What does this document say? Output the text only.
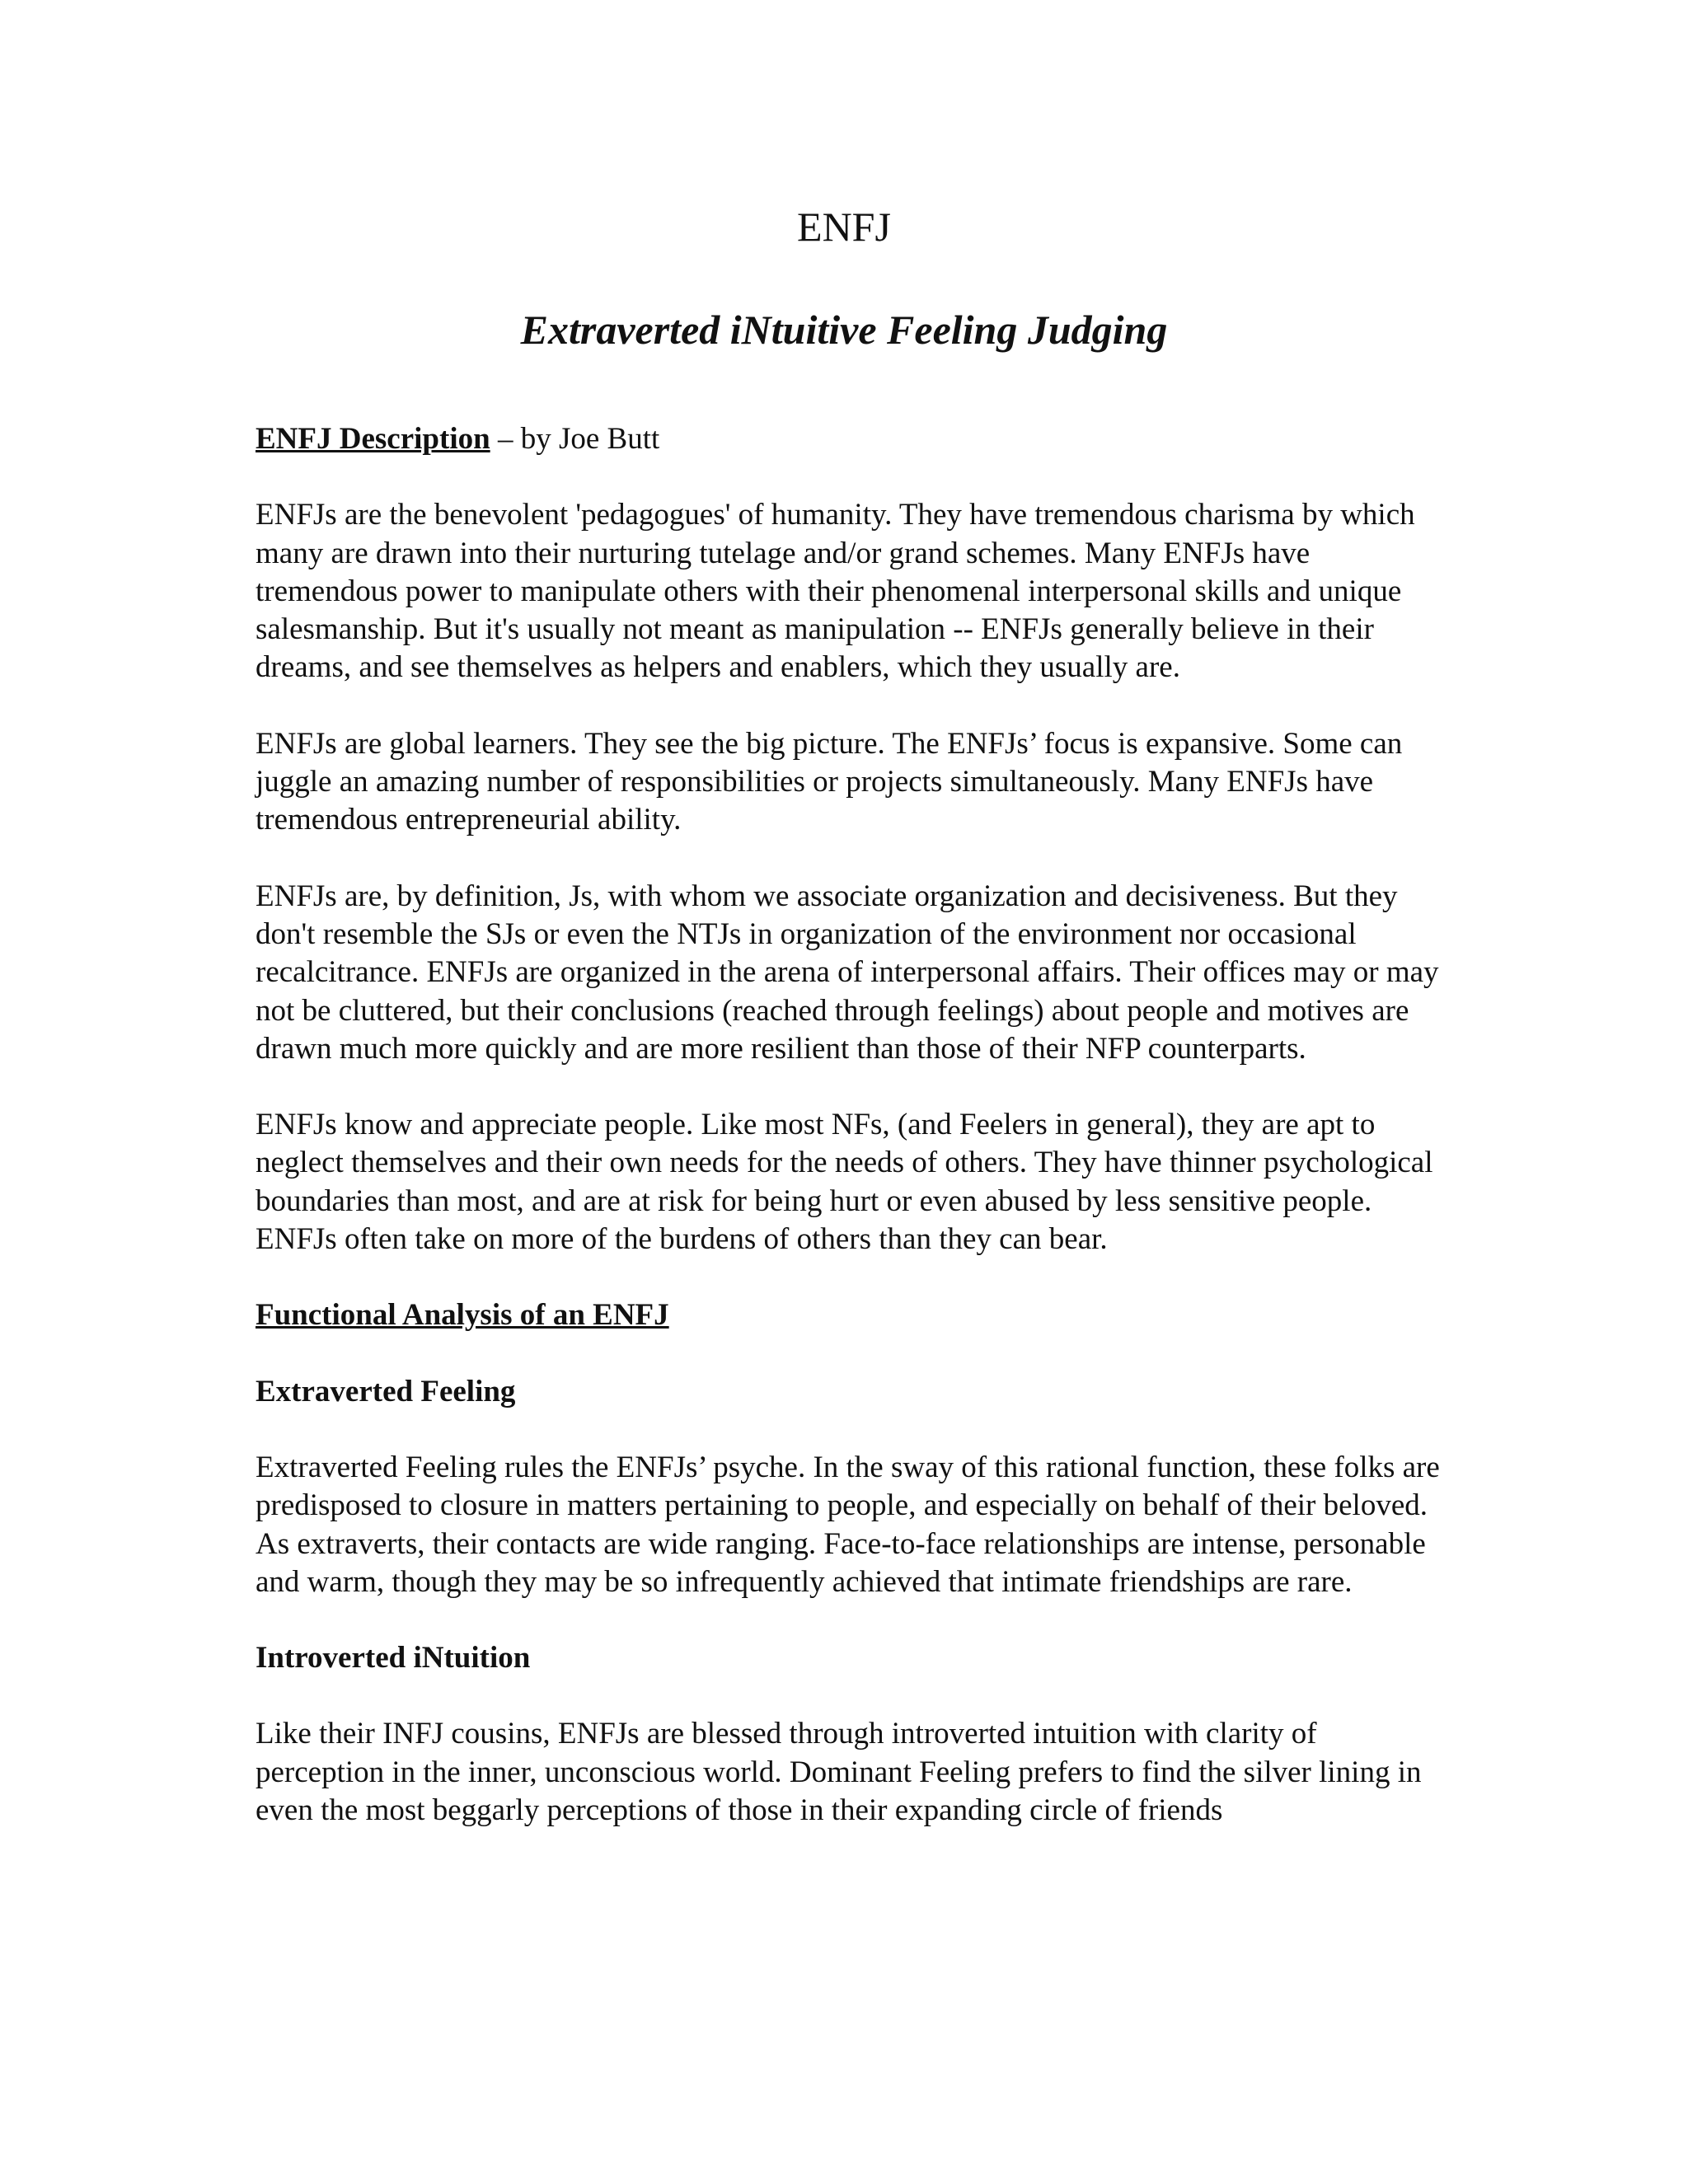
ENFJ
Extraverted iNtuitive Feeling Judging
ENFJ Description – by Joe Butt

ENFJs are the benevolent 'pedagogues' of humanity. They have tremendous charisma by which many are drawn into their nurturing tutelage and/or grand schemes. Many ENFJs have tremendous power to manipulate others with their phenomenal interpersonal skills and unique salesmanship. But it's usually not meant as manipulation -- ENFJs generally believe in their dreams, and see themselves as helpers and enablers, which they usually are.

ENFJs are global learners. They see the big picture. The ENFJs’ focus is expansive. Some can juggle an amazing number of responsibilities or projects simultaneously. Many ENFJs have tremendous entrepreneurial ability.

ENFJs are, by definition, Js, with whom we associate organization and decisiveness. But they don't resemble the SJs or even the NTJs in organization of the environment nor occasional recalcitrance. ENFJs are organized in the arena of interpersonal affairs. Their offices may or may not be cluttered, but their conclusions (reached through feelings) about people and motives are drawn much more quickly and are more resilient than those of their NFP counterparts.

ENFJs know and appreciate people. Like most NFs, (and Feelers in general), they are apt to neglect themselves and their own needs for the needs of others. They have thinner psychological boundaries than most, and are at risk for being hurt or even abused by less sensitive people. ENFJs often take on more of the burdens of others than they can bear.

Functional Analysis of an ENFJ

Extraverted Feeling

Extraverted Feeling rules the ENFJs’ psyche. In the sway of this rational function, these folks are predisposed to closure in matters pertaining to people, and especially on behalf of their beloved. As extraverts, their contacts are wide ranging. Face-to-face relationships are intense, personable and warm, though they may be so infrequently achieved that intimate friendships are rare.

Introverted iNtuition

Like their INFJ cousins, ENFJs are blessed through introverted intuition with clarity of perception in the inner, unconscious world. Dominant Feeling prefers to find the silver lining in even the most beggarly perceptions of those in their expanding circle of friends
